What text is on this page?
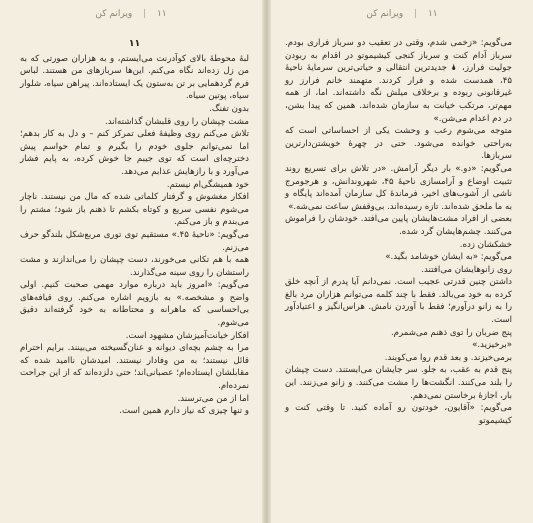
۱۱ | ویرانم کن
۱۱

لبهٔ محوطهٔ بالای کوآدرنت می‌ایستم، و به هزاران صورتی که به من زل زده‌اند نگاه می‌کنم. این‌ها سربازهای من هستند. لباس فرم گردهمایی بر تن به‌ستون یک ایستاده‌اند. پیراهن سیاه، شلوار سیاه، پوتین سیاه.

بدون تفنگ.

مشت چپشان را روی قلبشان گذاشته‌اند.

تلاش می‌کنم روی وظیفهٔ فعلی تمرکز کنم – و دل به کار بدهم؛ اما نمی‌توانم جلوی خودم را بگیرم و تمام حواسم پیش دخترچه‌ای است که توی جیبم جا خوش کرده، به پایم فشار می‌آورد و با رازهایش عذابم می‌دهد.

خود همیشگی‌ام نیستم.

افکار مغشوش و گرفتار کلماتی شده که مال من نیستند. ناچار می‌شوم نفسی سریع و کوتاه بکشم تا ذهنم باز شود؛ مشتم را می‌بندم و باز می‌کنم.

می‌گویم: «ناحیهٔ ۴۵.» مستقیم توی توری مربع‌شکل بلندگو حرف می‌زنم.

همه با هم تکانی می‌خورند، دست چپشان را می‌اندازند و مشت راستشان را روی سینه می‌گذارند.

می‌گویم: «امروز باید درباره موارد مهمی صحبت کنیم. اولی واضح و مشخصه.» به بازویم اشاره می‌کنم. روی قیافه‌های بی‌احساسی که ماهرانه و محتاطانه به خود گرفته‌اند دقیق می‌شوم.

افکار خیانت‌آمیزشان مشهود است.

مرا به چشم بچه‌ای دیوانه و عنان‌گسیخته می‌بینند. برایم احترام قائل نیستند؛ به من وفادار نیستند. امیدشان ناامید شده که مقابلشان ایستاده‌ام؛ عصبانی‌اند؛ حتی دلزده‌اند که از این جراحت نمرده‌ام.

اما از من می‌ترسند.

و تنها چیزی که نیاز دارم همین است.

۱۱ | ویرانم کن

می‌گویم: «زخمی شدم، وقتی در تعقیب دو سرباز فراری بودم. سرباز آدام کنت و سرباز کنجی کیشیموتو در اقدام به ربودن جولیت فرارز، 🌢 جدیدترین انتقالی و حیاتی‌ترین سرمایهٔ ناحیهٔ ۴۵، همدست شده و فرار کردند. متهمند خانم فرارز رو غیرقانونی ربوده و برخلاف میلش نگه داشته‌اند. اما، از همه مهم‌تر، مرتکب خیانت به سازمان شده‌اند. همین که پیدا بشن، در دم اعدام می‌شن.»

متوجه می‌شوم رعب و وحشت یکی از احساساتی است که به‌راحتی خوانده می‌شود. حتی در چهرهٔ خویشتن‌دارترین سربازها.

می‌گویم: «دو.» بار دیگر آرامش. «در تلاش برای تسریع روند تثبیت اوضاع و آرامسازی ناحیهٔ ۴۵، شهروندانش، و هرجومرج ناشی از آشوب‌های اخیر، فرماندهٔ کل سازمان آمده‌اند پایگاه و به ما ملحق شده‌اند. تازه رسیده‌اند. بی‌وقفش ساعت نمی‌شه.»

بعضی از افراد مشت‌هایشان پایین می‌افتد. خودشان را فراموش می‌کنند. چشم‌هایشان گرد شده.

خشکشان زده.

می‌گویم: «به ایشان خوشامد بگید.»

روی زانوهایشان می‌افتند.

داشتن چنین قدرتی عجیب است. نمی‌دانم آیا پدرم از آنچه خلق کرده به خود می‌بالد. فقط با چند کلمه می‌توانم هزاران مرد بالغ را به زانو درآورم؛ فقط با آوردن نامش. هراس‌انگیز و اعتیادآور است.

پنج ضربان را توی ذهنم می‌شمرم.

«برخیزید.»

برمی‌خیزند. و بعد قدم روا می‌کوبند.

پنج قدم به عقب، به جلو. سر جایشان می‌ایستند. دست چپشان را بلند می‌کنند. انگشت‌ها را مشت می‌کنند. و زانو می‌زنند. این بار، اجازهٔ برخاستن نمی‌دهم.

می‌گویم: «آقایون، خودتون رو آماده کنید. تا وقتی کنت و کیشیموتو
